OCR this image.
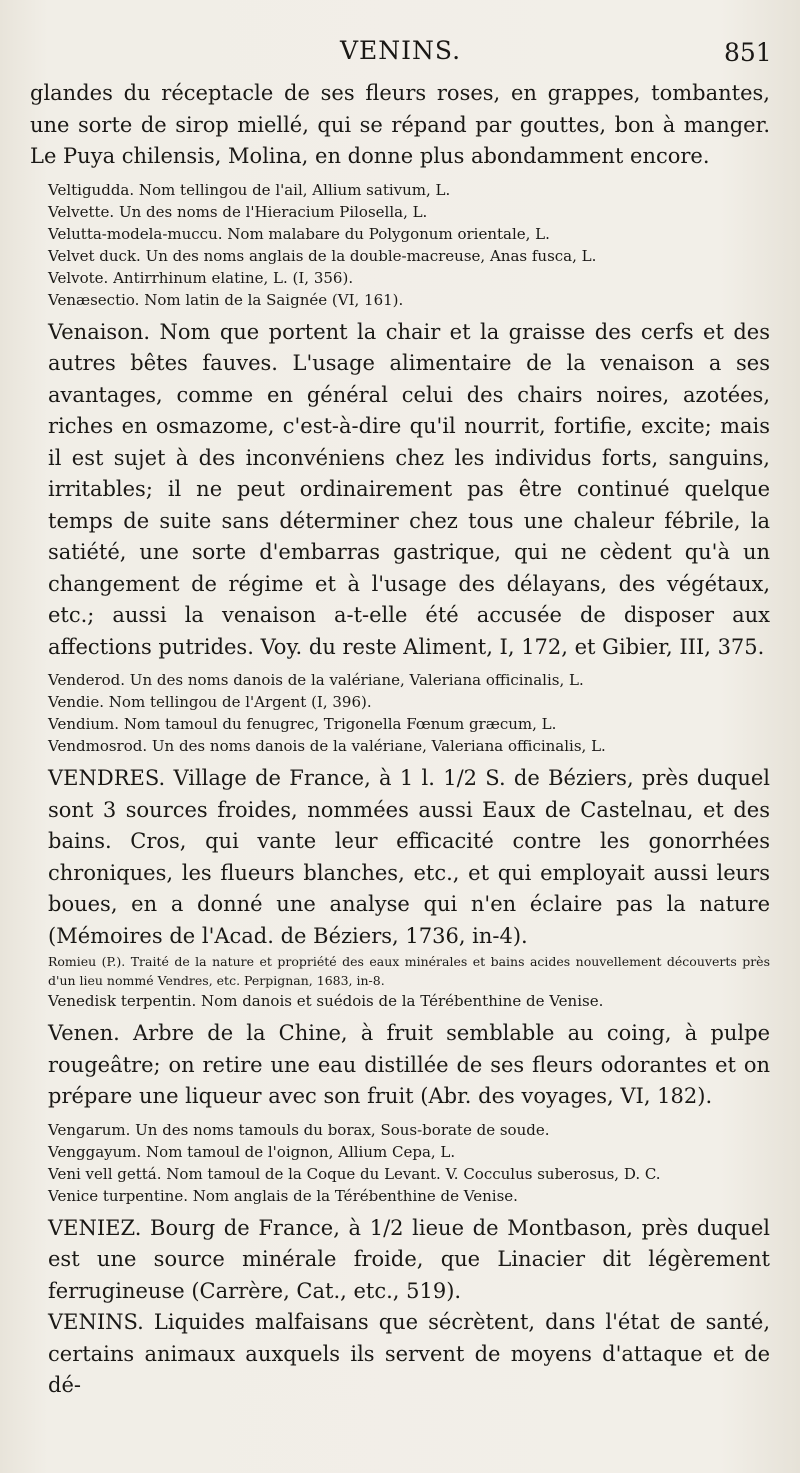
VENINS.	851

glandes du réceptacle de ses fleurs roses, en grappes, tombantes, une sorte de sirop miellé, qui se répand par gouttes, bon à manger. Le Puya chilensis, Molina, en donne plus abondamment encore.

Veltigudda. Nom tellingou de l'ail, Allium sativum, L.

Velvette. Un des noms de l'Hieracium Pilosella, L.

Velutta-modela-muccu. Nom malabare du Polygonum orientale, L.

Velvet duck. Un des noms anglais de la double-macreuse, Anas fusca, L.

Velvote. Antirrhinum elatine, L. (I, 356).

Venæsectio. Nom latin de la Saignée (VI, 161).

Venaison. Nom que portent la chair et la graisse des cerfs et des autres bêtes fauves. L'usage alimentaire de la venaison a ses avantages, comme en général celui des chairs noires, azotées, riches en osmazome, c'est-à-dire qu'il nourrit, fortifie, excite; mais il est sujet à des inconvéniens chez les individus forts, sanguins, irritables; il ne peut ordinairement pas être continué quelque temps de suite sans déterminer chez tous une chaleur fébrile, la satiété, une sorte d'embarras gastrique, qui ne cèdent qu'à un changement de régime et à l'usage des délayans, des végétaux, etc.; aussi la venaison a-t-elle été accusée de disposer aux affections putrides. Voy. du reste Aliment, I, 172, et Gibier, III, 375.

Venderod. Un des noms danois de la valériane, Valeriana officinalis, L.

Vendie. Nom tellingou de l'Argent (I, 396).

Vendium. Nom tamoul du fenugrec, Trigonella Fœnum græcum, L.

Vendmosrod. Un des noms danois de la valériane, Valeriana officinalis, L.

VENDRES. Village de France, à 1 l. 1/2 S. de Béziers, près duquel sont 3 sources froides, nommées aussi Eaux de Castelnau, et des bains. Cros, qui vante leur efficacité contre les gonorrhées chroniques, les flueurs blanches, etc., et qui employait aussi leurs boues, en a donné une analyse qui n'en éclaire pas la nature (Mémoires de l'Acad. de Béziers, 1736, in-4).

Romieu (P.). Traité de la nature et propriété des eaux minérales et bains acides nouvellement découverts près d'un lieu nommé Vendres, etc. Perpignan, 1683, in-8.

Venedisk terpentin. Nom danois et suédois de la Térébenthine de Venise.

Venen. Arbre de la Chine, à fruit semblable au coing, à pulpe rougeâtre; on retire une eau distillée de ses fleurs odorantes et on prépare une liqueur avec son fruit (Abr. des voyages, VI, 182).

Vengarum. Un des noms tamouls du borax, Sous-borate de soude.

Venggayum. Nom tamoul de l'oignon, Allium Cepa, L.

Veni vell gettá. Nom tamoul de la Coque du Levant. V. Cocculus suberosus, D. C.

Venice turpentine. Nom anglais de la Térébenthine de Venise.

VENIEZ. Bourg de France, à 1/2 lieue de Montbason, près duquel est une source minérale froide, que Linacier dit légèrement ferrugineuse (Carrère, Cat., etc., 519).

VENINS. Liquides malfaisans que sécrètent, dans l'état de santé, certains animaux auxquels ils servent de moyens d'attaque et de dé-
